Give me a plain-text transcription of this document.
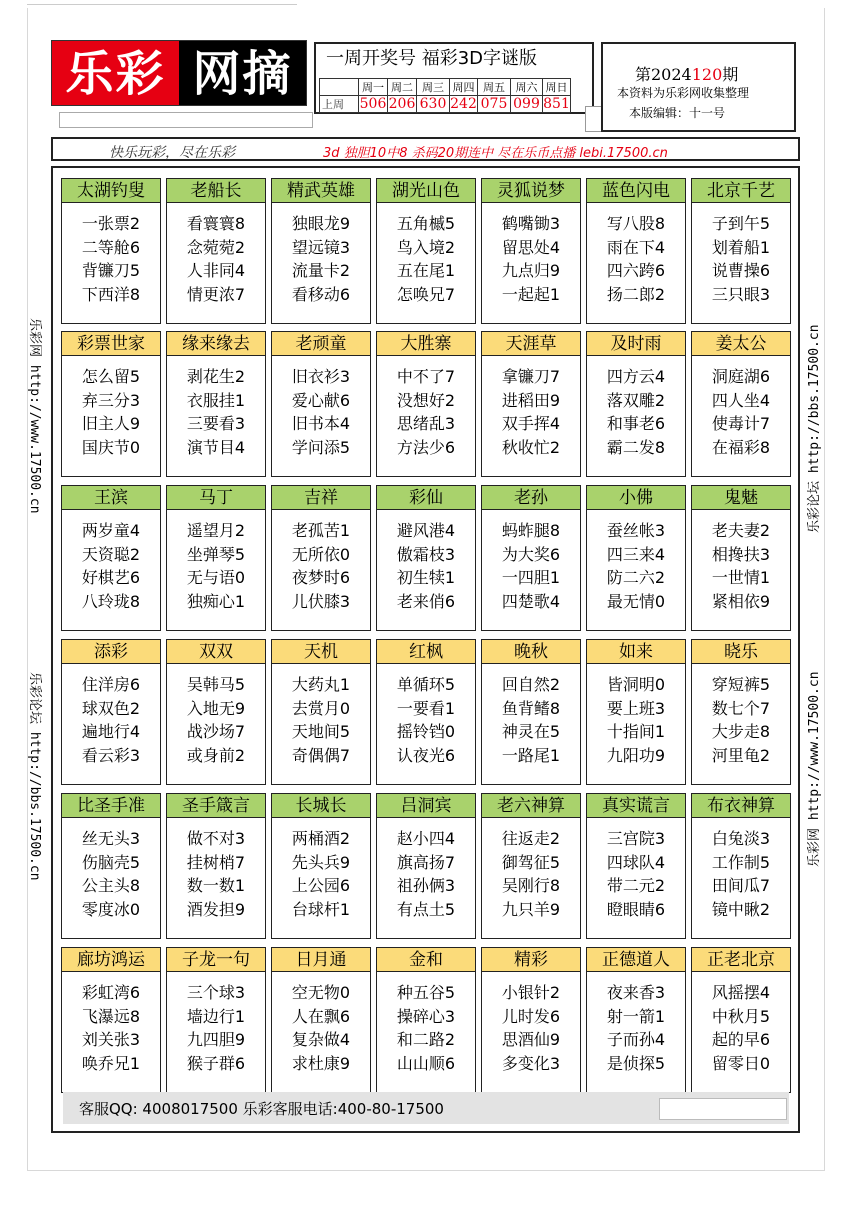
乐彩 网摘	一周开奖号 福彩3D字谜版
	周一	周二	周三	周四	周五	周六	周日
上周	506	206	630	242	075	099	851
第2024120期
本资料为乐彩网收集整理
本版编辑：十一号
快乐玩彩，尽在乐彩	3d 独胆10中8 杀码20期连中 尽在乐币点播 lebi.17500.cn
太湖钓叟
一张票2
二等舱6
背镰刀5
下西洋8
老船长
看寰寰8
念菀菀2
人非同4
情更浓7
精武英雄
独眼龙9
望远镜3
流量卡2
看移动6
湖光山色
五角槭5
鸟入境2
五在尾1
怎唤兄7
灵狐说梦
鹤嘴锄3
留思处4
九点归9
一起起1
蓝色闪电
写八股8
雨在下4
四六跨6
扬二郎2
北京千艺
子到午5
划着船1
说曹操6
三只眼3
彩票世家
怎么留5
弃三分3
旧主人9
国庆节0
缘来缘去
剥花生2
衣服挂1
三要看3
演节目4
老顽童
旧衣衫3
爱心献6
旧书本4
学问添5
大胜寨
中不了7
没想好2
思绪乱3
方法少6
天涯草
拿镰刀7
进稻田9
双手挥4
秋收忙2
及时雨
四方云4
落双雕2
和事老6
霸二发8
姜太公
洞庭湖6
四人坐4
使毒计7
在福彩8
王滨
两岁童4
天资聪2
好棋艺6
八玲珑8
马丁
遥望月2
坐弹琴5
无与语0
独痴心1
吉祥
老孤苦1
无所依0
夜梦时6
儿伏膝3
彩仙
避风港4
傲霜枝3
初生犊1
老来俏6
老孙
蚂蚱腿8
为大奖6
一四胆1
四楚歌4
小佛
蚕丝帐3
四三来4
防二六2
最无情0
鬼魅
老夫妻2
相搀扶3
一世情1
紧相依9
添彩
住洋房6
球双色2
遍地行4
看云彩3
双双
吴韩马5
入地无9
战沙场7
或身前2
天机
大药丸1
去赏月0
天地间5
奇偶偶7
红枫
单循环5
一要看1
摇铃铛0
认夜光6
晚秋
回自然2
鱼背鳍8
神灵在5
一路尾1
如来
皆洞明0
要上班3
十指间1
九阳功9
晓乐
穿短裤5
数七个7
大步走8
河里龟2
比圣手准
丝无头3
伤脑壳5
公主头8
零度冰0
圣手箴言
做不对3
挂树梢7
数一数1
酒发担9
长城长
两桶酒2
先头兵9
上公园6
台球杆1
吕洞宾
赵小四4
旗高扬7
祖孙俩3
有点土5
老六神算
往返走2
御驾征5
吴刚行8
九只羊9
真实谎言
三宫院3
四球队4
带二元2
瞪眼睛6
布衣神算
白兔淡3
工作制5
田间瓜7
镜中瞅2
廊坊鸿运
彩虹湾6
飞瀑远8
刘关张3
唤乔兄1
子龙一句
三个球3
墙边行1
九四胆9
猴子群6
日月通
空无物0
人在飘6
复杂做4
求杜康9
金和
种五谷5
操碎心3
和二路2
山山顺6
精彩
小银针2
儿时发6
思酒仙9
多变化3
正德道人
夜来香3
射一箭1
子而孙4
是侦探5
正老北京
风摇摆4
中秋月5
起的早6
留零日0
客服QQ: 4008017500 乐彩客服电话:400-80-17500
乐彩网 http://www.17500.cn
乐彩论坛 http://bbs.17500.cn
乐彩论坛 http://bbs.17500.cn
乐彩网 http://www.17500.cn
